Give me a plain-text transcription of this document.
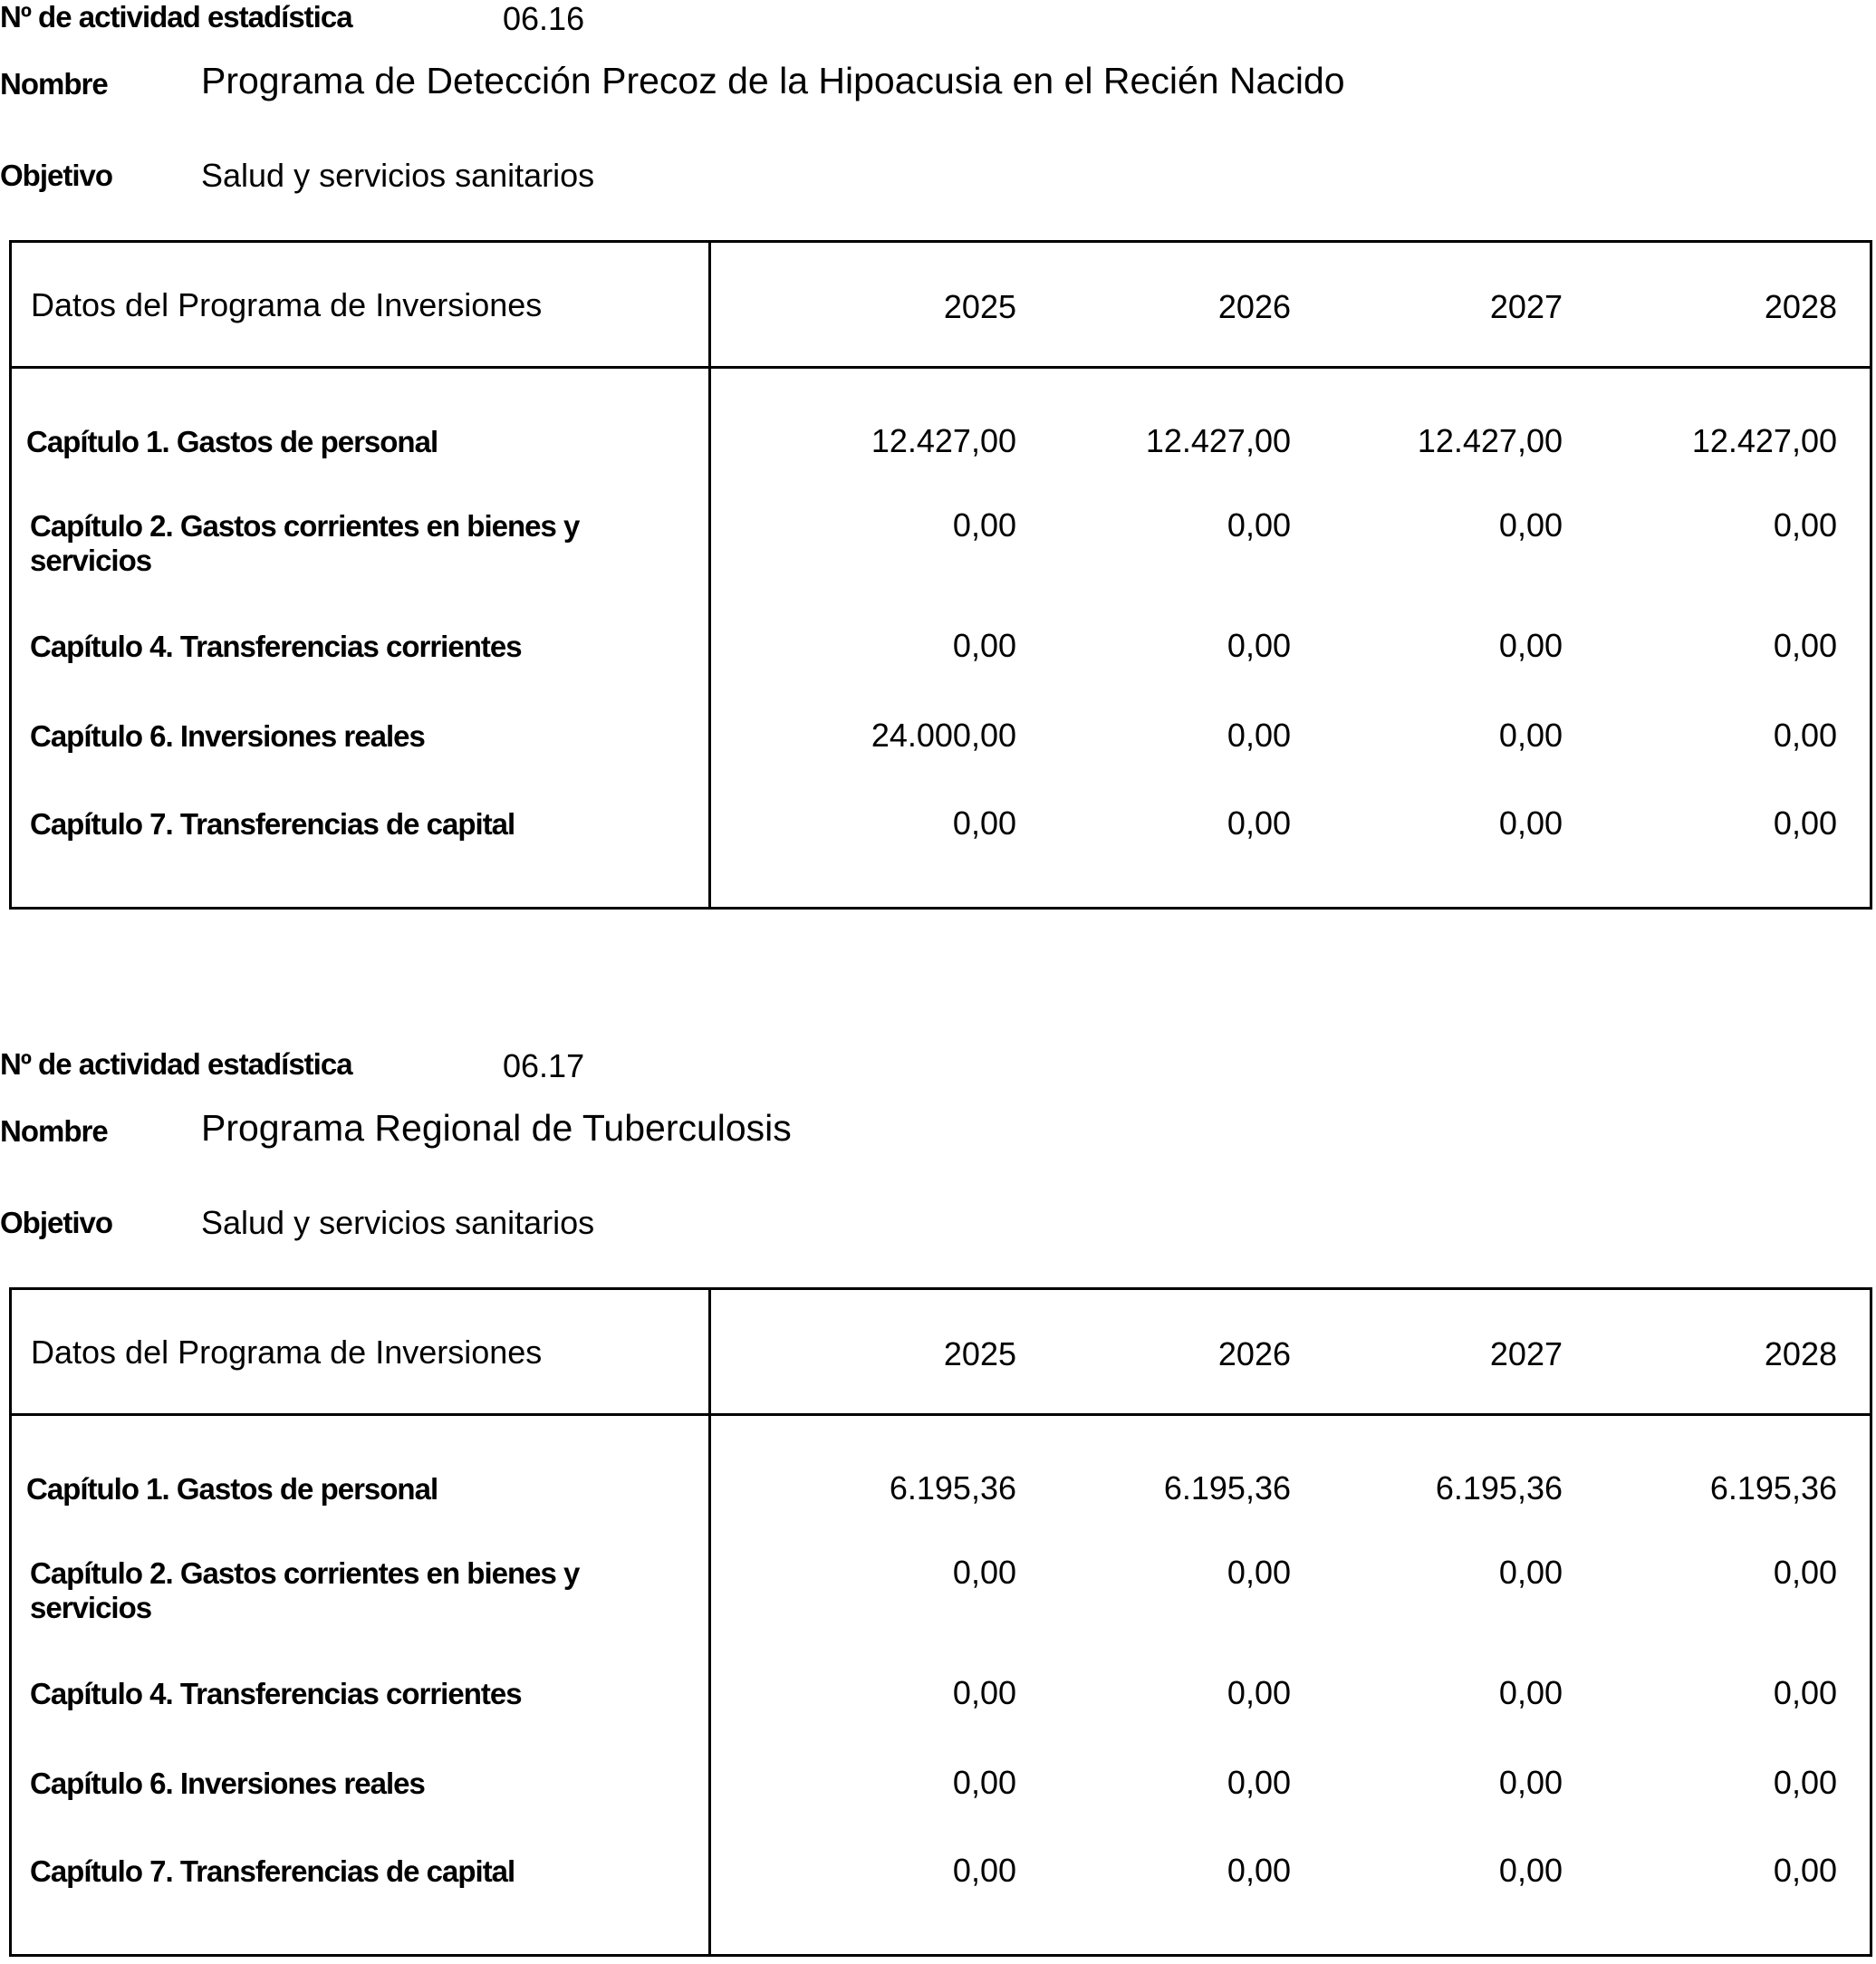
Nº de actividad estadística	06.16
Nombre	Programa de Detección Precoz de la Hipoacusia en el Recién Nacido
Objetivo	Salud y servicios sanitarios
Datos del Programa de Inversiones	2025	2026	2027	2028
Capítulo 1. Gastos de personal	12.427,00	12.427,00	12.427,00	12.427,00
Capítulo 2. Gastos corrientes en bienes y
servicios
0,00	0,00	0,00	0,00
Capítulo 4. Transferencias corrientes	0,00	0,00	0,00	0,00
Capítulo 6. Inversiones reales	24.000,00	0,00	0,00	0,00
Capítulo 7. Transferencias de capital	0,00	0,00	0,00	0,00
Nº de actividad estadística	06.17
Nombre	Programa Regional de Tuberculosis
Objetivo	Salud y servicios sanitarios
Datos del Programa de Inversiones	2025	2026	2027	2028
Capítulo 1. Gastos de personal	6.195,36	6.195,36	6.195,36	6.195,36
Capítulo 2. Gastos corrientes en bienes y
servicios
0,00	0,00	0,00	0,00
Capítulo 4. Transferencias corrientes	0,00	0,00	0,00	0,00
Capítulo 6. Inversiones reales	0,00	0,00	0,00	0,00
Capítulo 7. Transferencias de capital	0,00	0,00	0,00	0,00
